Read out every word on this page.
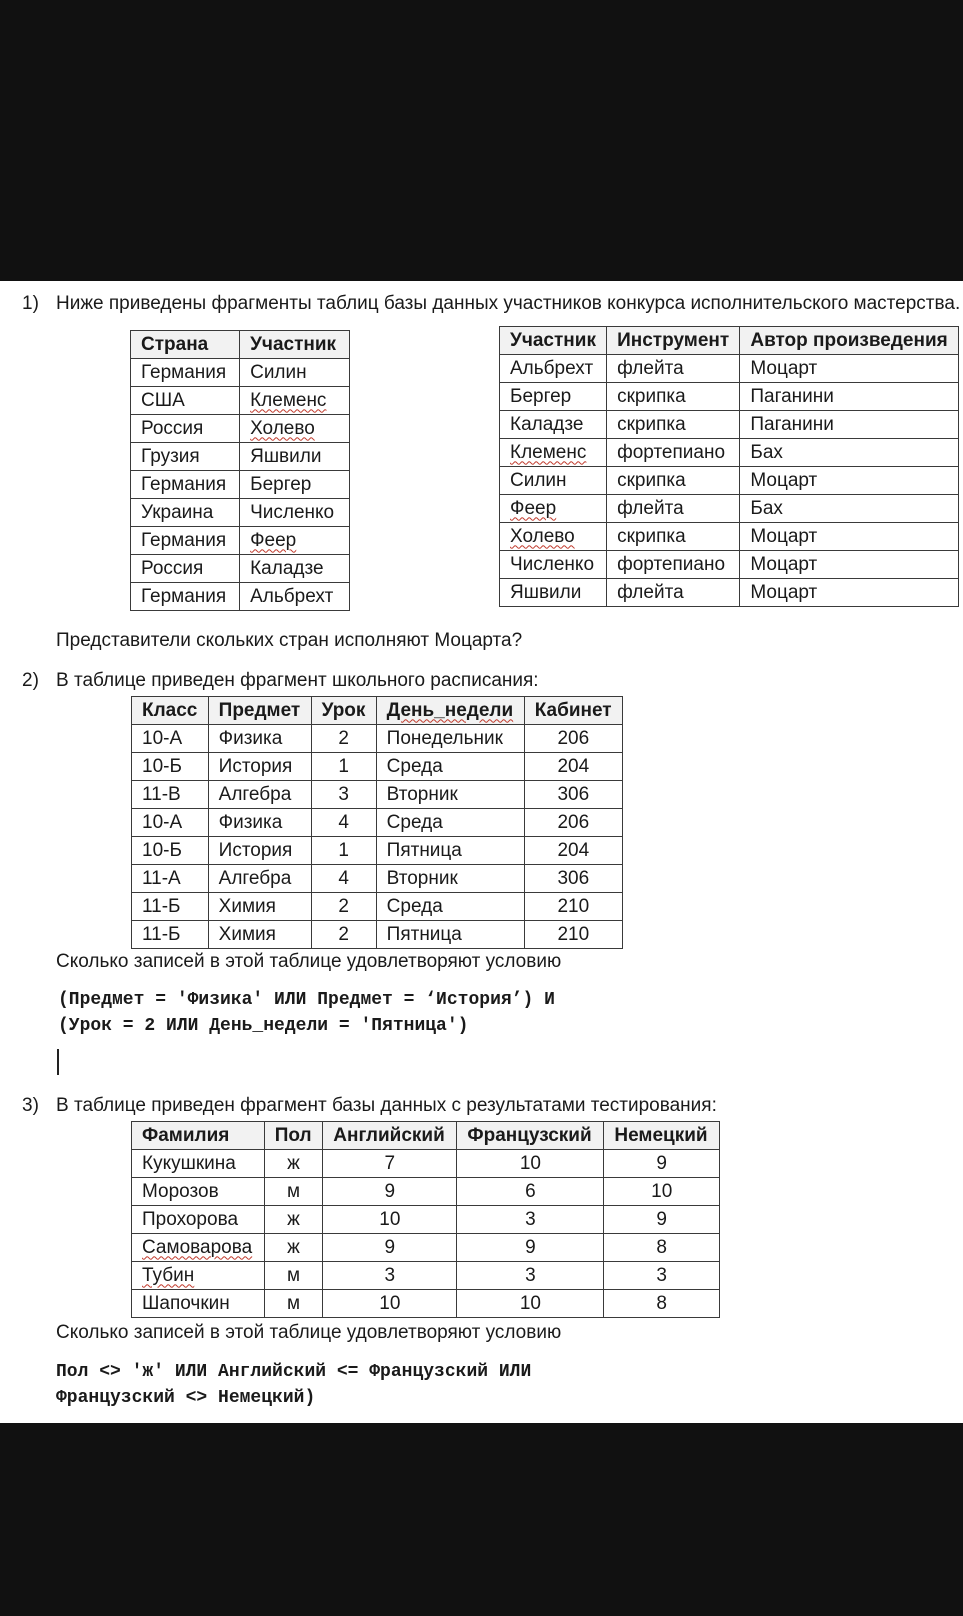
1) Ниже приведены фрагменты таблиц базы данных участников конкурса исполнительского мастерства.
Страна	Участник
Германия	Силин
США	Клеменс
Россия	Холево
Грузия	Яшвили
Германия	Бергер
Украина	Численко
Германия	Феер
Россия	Каладзе
Германия	Альбрехт
Участник	Инструмент	Автор произведения
Альбрехт	флейта	Моцарт
Бергер	скрипка	Паганини
Каладзе	скрипка	Паганини
Клеменс	фортепиано	Бах
Силин	скрипка	Моцарт
Феер	флейта	Бах
Холево	скрипка	Моцарт
Численко	фортепиано	Моцарт
Яшвили	флейта	Моцарт
Представители скольких стран исполняют Моцарта?
2) В таблице приведен фрагмент школьного расписания:
Класс	Предмет	Урок	День_недели	Кабинет
10-А	Физика	2	Понедельник	206
10-Б	История	1	Среда	204
11-В	Алгебра	3	Вторник	306
10-А	Физика	4	Среда	206
10-Б	История	1	Пятница	204
11-А	Алгебра	4	Вторник	306
11-Б	Химия	2	Среда	210
11-Б	Химия	2	Пятница	210
Сколько записей в этой таблице удовлетворяют условию
(Предмет = 'Физика' ИЛИ Предмет = ‘История’) И
(Урок = 2 ИЛИ День_недели = 'Пятница')
3) В таблице приведен фрагмент базы данных с результатами тестирования:
Фамилия	Пол	Английский	Французский	Немецкий
Кукушкина	ж	7	10	9
Морозов	м	9	6	10
Прохорова	ж	10	3	9
Самоварова	ж	9	9	8
Тубин	м	3	3	3
Шапочкин	м	10	10	8
Сколько записей в этой таблице удовлетворяют условию
Пол <> 'ж' ИЛИ Английский <= Французский ИЛИ
Французский <> Немецкий)
